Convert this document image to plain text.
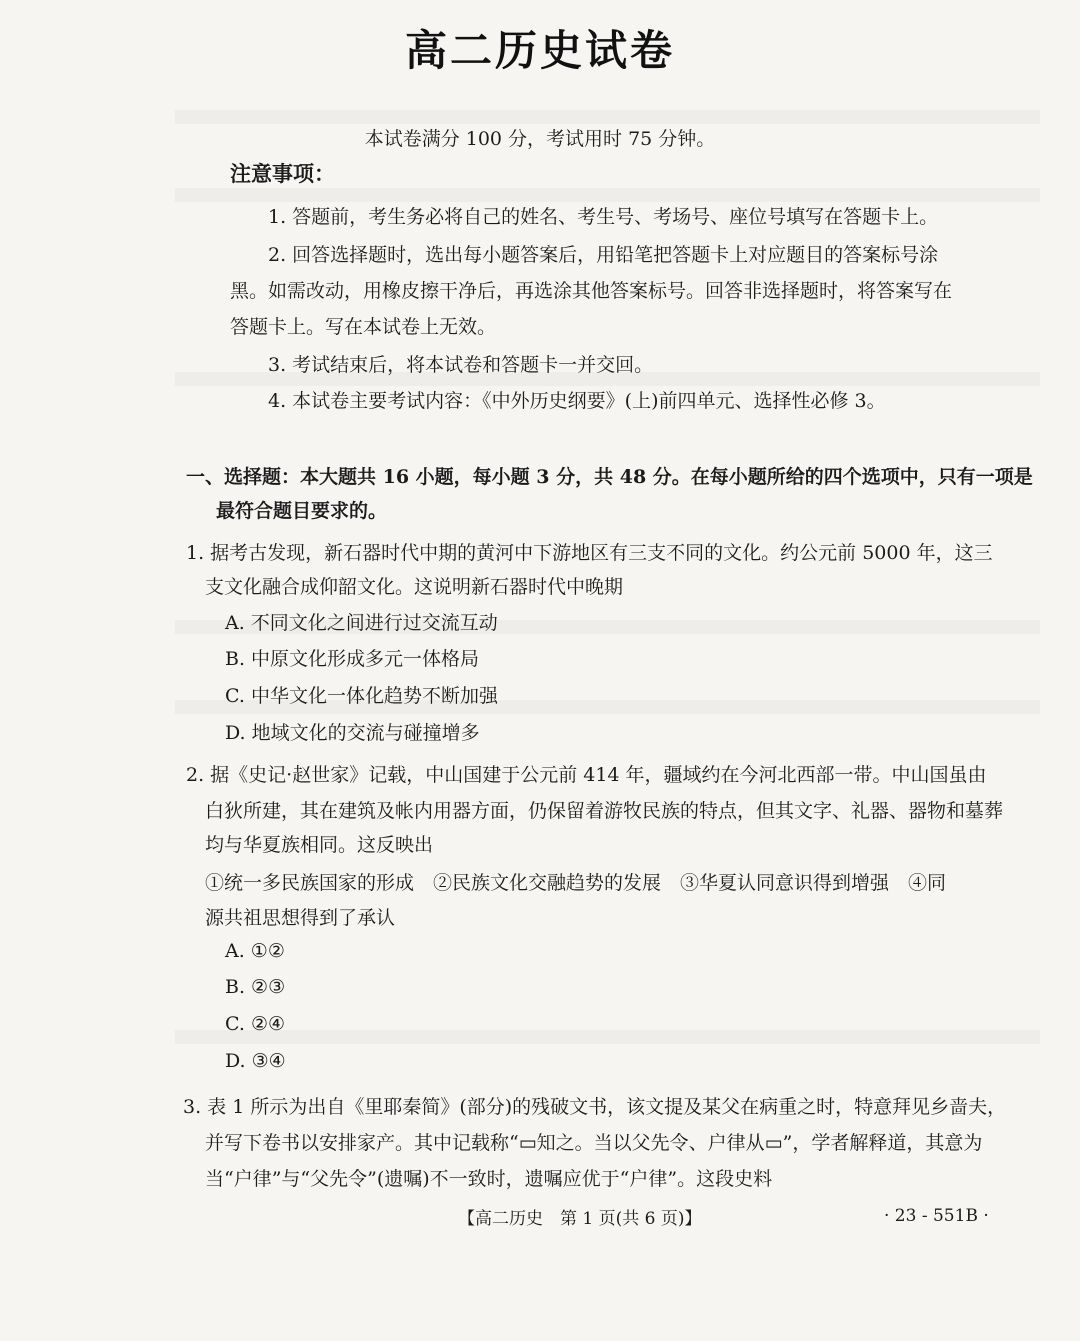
高二历史试卷
本试卷满分 100 分，考试用时 75 分钟。
注意事项：
1. 答题前，考生务必将自己的姓名、考生号、考场号、座位号填写在答题卡上。
2. 回答选择题时，选出每小题答案后，用铅笔把答题卡上对应题目的答案标号涂
黑。如需改动，用橡皮擦干净后，再选涂其他答案标号。回答非选择题时，将答案写在
答题卡上。写在本试卷上无效。
3. 考试结束后，将本试卷和答题卡一并交回。
4. 本试卷主要考试内容：《中外历史纲要》(上)前四单元、选择性必修 3。
一、选择题：本大题共 16 小题，每小题 3 分，共 48 分。在每小题所给的四个选项中，只有一项是
最符合题目要求的。
1. 据考古发现，新石器时代中期的黄河中下游地区有三支不同的文化。约公元前 5000 年，这三
支文化融合成仰韶文化。这说明新石器时代中晚期
A. 不同文化之间进行过交流互动
B. 中原文化形成多元一体格局
C. 中华文化一体化趋势不断加强
D. 地域文化的交流与碰撞增多
2. 据《史记·赵世家》记载，中山国建于公元前 414 年，疆域约在今河北西部一带。中山国虽由
白狄所建，其在建筑及帐内用器方面，仍保留着游牧民族的特点，但其文字、礼器、器物和墓葬
均与华夏族相同。这反映出
①统一多民族国家的形成　②民族文化交融趋势的发展　③华夏认同意识得到增强　④同
源共祖思想得到了承认
A. ①②
B. ②③
C. ②④
D. ③④
3. 表 1 所示为出自《里耶秦简》(部分)的残破文书，该文提及某父在病重之时，特意拜见乡啬夫，
并写下卷书以安排家产。其中记载称“▭知之。当以父先令、户律从▭”，学者解释道，其意为
当“户律”与“父先令”(遗嘱)不一致时，遗嘱应优于“户律”。这段史料
【高二历史　第 1 页(共 6 页)】	· 23 - 551B ·
